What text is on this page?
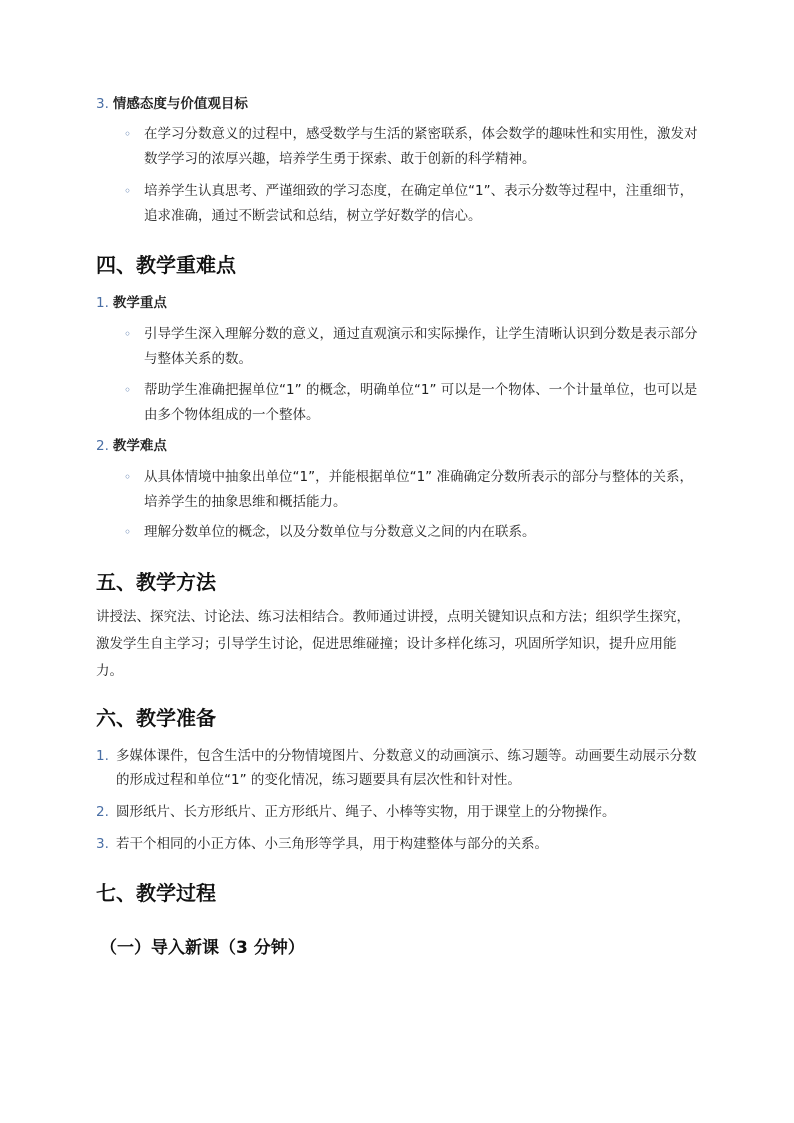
3. 情感态度与价值观目标
◦ 在学习分数意义的过程中，感受数学与生活的紧密联系，体会数学的趣味性和实用性，激发对数学学习的浓厚兴趣，培养学生勇于探索、敢于创新的科学精神。
◦ 培养学生认真思考、严谨细致的学习态度，在确定单位“1”、表示分数等过程中，注重细节，追求准确，通过不断尝试和总结，树立学好数学的信心。
四、教学重难点
1. 教学重点
◦ 引导学生深入理解分数的意义，通过直观演示和实际操作，让学生清晰认识到分数是表示部分与整体关系的数。
◦ 帮助学生准确把握单位“1” 的概念，明确单位“1” 可以是一个物体、一个计量单位，也可以是由多个物体组成的一个整体。
2. 教学难点
◦ 从具体情境中抽象出单位“1”，并能根据单位“1” 准确确定分数所表示的部分与整体的关系，培养学生的抽象思维和概括能力。
◦ 理解分数单位的概念，以及分数单位与分数意义之间的内在联系。
五、教学方法
讲授法、探究法、讨论法、练习法相结合。教师通过讲授，点明关键知识点和方法；组织学生探究，激发学生自主学习；引导学生讨论，促进思维碰撞；设计多样化练习，巩固所学知识，提升应用能力。
六、教学准备
1. 多媒体课件，包含生活中的分物情境图片、分数意义的动画演示、练习题等。动画要生动展示分数的形成过程和单位“1” 的变化情况，练习题要具有层次性和针对性。
2. 圆形纸片、长方形纸片、正方形纸片、绳子、小棒等实物，用于课堂上的分物操作。
3. 若干个相同的小正方体、小三角形等学具，用于构建整体与部分的关系。
七、教学过程
（一）导入新课（3 分钟）
